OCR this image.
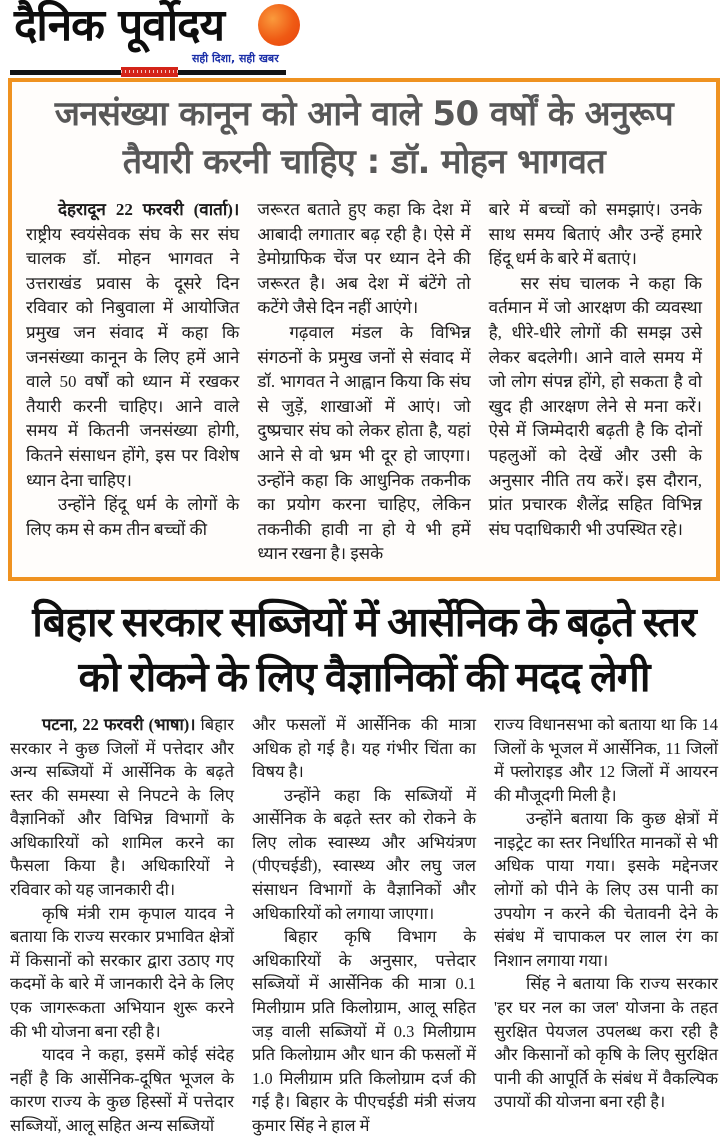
दैनिक पूर्वोदय
सही दिशा, सही खबर
जनसंख्या कानून को आने वाले 50 वर्षों के अनुरूप तैयारी करनी चाहिए : डॉ. मोहन भागवत

देहरादून 22 फरवरी (वार्ता)। राष्ट्रीय स्वयंसेवक संघ के सर संघ चालक डॉ. मोहन भागवत ने उत्तराखंड प्रवास के दूसरे दिन रविवार को निबुवाला में आयोजित प्रमुख जन संवाद में कहा कि जनसंख्या कानून के लिए हमें आने वाले 50 वर्षों को ध्यान में रखकर तैयारी करनी चाहिए। आने वाले समय में कितनी जनसंख्या होगी, कितने संसाधन होंगे, इस पर विशेष ध्यान देना चाहिए।

उन्होंने हिंदू धर्म के लोगों के लिए कम से कम तीन बच्चों की

जरूरत बताते हुए कहा कि देश में आबादी लगातार बढ़ रही है। ऐसे में डेमोग्राफिक चेंज पर ध्यान देने की जरूरत है। अब देश में बंटेंगे तो कटेंगे जैसे दिन नहीं आएंगे।

गढ़वाल मंडल के विभिन्न संगठनों के प्रमुख जनों से संवाद में डॉ. भागवत ने आह्वान किया कि संघ से जुड़ें, शाखाओं में आएं। जो दुष्प्रचार संघ को लेकर होता है, यहां आने से वो भ्रम भी दूर हो जाएगा। उन्होंने कहा कि आधुनिक तकनीक का प्रयोग करना चाहिए, लेकिन तकनीकी हावी ना हो ये भी हमें ध्यान रखना है। इसके

बारे में बच्चों को समझाएं। उनके साथ समय बिताएं और उन्हें हमारे हिंदू धर्म के बारे में बताएं।

सर संघ चालक ने कहा कि वर्तमान में जो आरक्षण की व्यवस्था है, धीरे-धीरे लोगों की समझ उसे लेकर बदलेगी। आने वाले समय में जो लोग संपन्न होंगे, हो सकता है वो खुद ही आरक्षण लेने से मना करें। ऐसे में जिम्मेदारी बढ़ती है कि दोनों पहलुओं को देखें और उसी के अनुसार नीति तय करें। इस दौरान, प्रांत प्रचारक शैलेंद्र सहित विभिन्न संघ पदाधिकारी भी उपस्थित रहे।

बिहार सरकार सब्जियों में आर्सेनिक के बढ़ते स्तर को रोकने के लिए वैज्ञानिकों की मदद लेगी

पटना, 22 फरवरी (भाषा)। बिहार सरकार ने कुछ जिलों में पत्तेदार और अन्य सब्जियों में आर्सेनिक के बढ़ते स्तर की समस्या से निपटने के लिए वैज्ञानिकों और विभिन्न विभागों के अधिकारियों को शामिल करने का फैसला किया है। अधिकारियों ने रविवार को यह जानकारी दी।

कृषि मंत्री राम कृपाल यादव ने बताया कि राज्य सरकार प्रभावित क्षेत्रों में किसानों को सरकार द्वारा उठाए गए कदमों के बारे में जानकारी देने के लिए एक जागरूकता अभियान शुरू करने की भी योजना बना रही है।

यादव ने कहा, इसमें कोई संदेह नहीं है कि आर्सेनिक-दूषित भूजल के कारण राज्य के कुछ हिस्सों में पत्तेदार सब्जियों, आलू सहित अन्य सब्जियों

और फसलों में आर्सेनिक की मात्रा अधिक हो गई है। यह गंभीर चिंता का विषय है।

उन्होंने कहा कि सब्जियों में आर्सेनिक के बढ़ते स्तर को रोकने के लिए लोक स्वास्थ्य और अभियंत्रण (पीएचईडी), स्वास्थ्य और लघु जल संसाधन विभागों के वैज्ञानिकों और अधिकारियों को लगाया जाएगा।

बिहार कृषि विभाग के अधिकारियों के अनुसार, पत्तेदार सब्जियों में आर्सेनिक की मात्रा 0.1 मिलीग्राम प्रति किलोग्राम, आलू सहित जड़ वाली सब्जियों में 0.3 मिलीग्राम प्रति किलोग्राम और धान की फसलों में 1.0 मिलीग्राम प्रति किलोग्राम दर्ज की गई है। बिहार के पीएचईडी मंत्री संजय कुमार सिंह ने हाल में

राज्य विधानसभा को बताया था कि 14 जिलों के भूजल में आर्सेनिक, 11 जिलों में फ्लोराइड और 12 जिलों में आयरन की मौजूदगी मिली है।

उन्होंने बताया कि कुछ क्षेत्रों में नाइट्रेट का स्तर निर्धारित मानकों से भी अधिक पाया गया। इसके मद्देनजर लोगों को पीने के लिए उस पानी का उपयोग न करने की चेतावनी देने के संबंध में चापाकल पर लाल रंग का निशान लगाया गया।

सिंह ने बताया कि राज्य सरकार 'हर घर नल का जल' योजना के तहत सुरक्षित पेयजल उपलब्ध करा रही है और किसानों को कृषि के लिए सुरक्षित पानी की आपूर्ति के संबंध में वैकल्पिक उपायों की योजना बना रही है।
